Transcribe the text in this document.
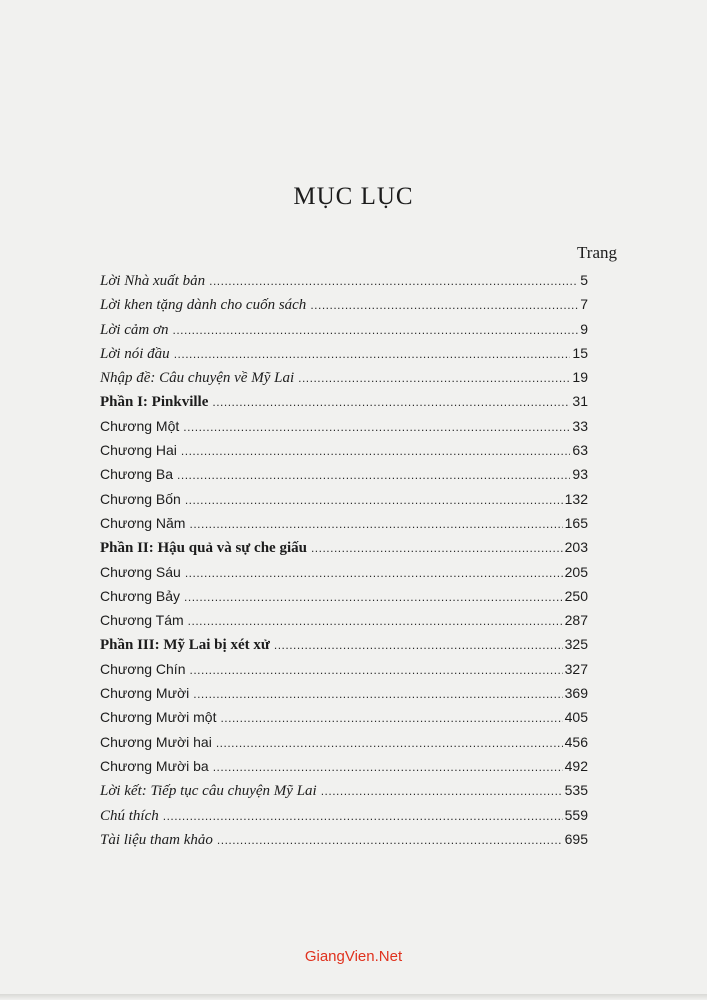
MỤC LỤC
Trang
Lời Nhà xuất bản .....	5
Lời khen tặng dành cho cuốn sách .....	7
Lời cảm ơn .....	9
Lời nói đầu .....	15
Nhập đề: Câu chuyện về Mỹ Lai .....	19
Phần I: Pinkville .....	31
Chương Một .....	33
Chương Hai .....	63
Chương Ba .....	93
Chương Bốn .....	132
Chương Năm .....	165
Phần II: Hậu quả và sự che giấu .....	203
Chương Sáu .....	205
Chương Bảy .....	250
Chương Tám .....	287
Phần III: Mỹ Lai bị xét xử .....	325
Chương Chín .....	327
Chương Mười .....	369
Chương Mười một .....	405
Chương Mười hai .....	456
Chương Mười ba .....	492
Lời kết: Tiếp tục câu chuyện Mỹ Lai .....	535
Chú thích .....	559
Tài liệu tham khảo .....	695
GiangVien.Net
